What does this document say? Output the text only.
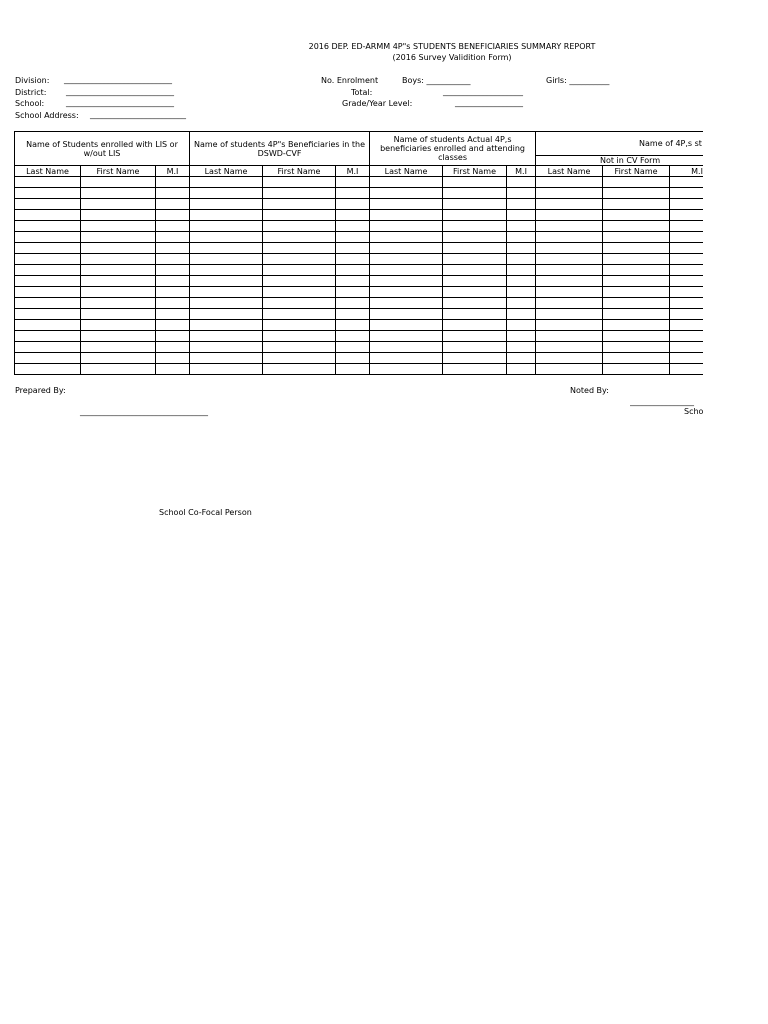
2016 DEP. ED-ARMM 4P"s STUDENTS BENEFICIARIES SUMMARY REPORT
(2016 Survey Validition Form)
Division: ___________________________
District: ___________________________
School:	___________________________
School Address: ________________________
No. Enrolment	Boys: ___________	Girls: __________
Total:	____________________
Grade/Year Level:	_________________
Name of Students enrolled with LIS or w/out LIS			Name of students 4P"s Beneficiaries in the DSWD-CVF			Name of students Actual 4P,s beneficiaries enrolled and attending classes			Name of 4P,s st			
									Not in CV Form			
Last Name	First Name	M.I	Last Name	First Name	M.I	Last Name	First Name	M.I	Last Name	First Name	M.I	

Prepared By:
________________________________
Noted By:
________________
Scho
School Co-Focal Person
